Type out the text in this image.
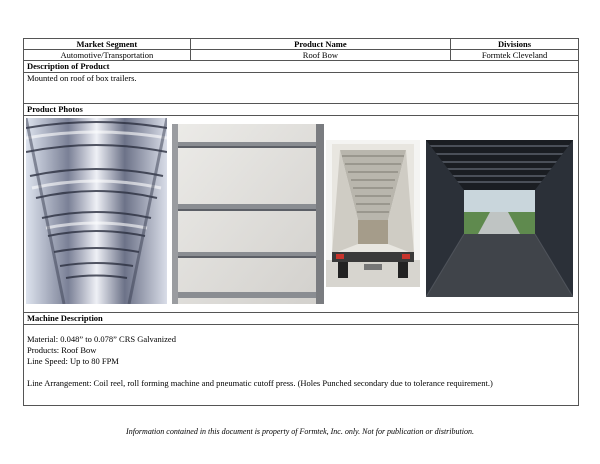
Market Segment	Product Name	Divisions
Automotive/Transportation	Roof Bow	Formtek Cleveland
Description of Product
Mounted on roof of box trailers.
Product Photos
Machine Description
Material: 0.048” to 0.078” CRS Galvanized
Products: Roof Bow
Line Speed: Up to 80 FPM
Line Arrangement: Coil reel, roll forming machine and pneumatic cutoff press. (Holes Punched secondary due to tolerance requirement.)
Information contained in this document is property of Formtek, Inc. only. Not for publication or distribution.
